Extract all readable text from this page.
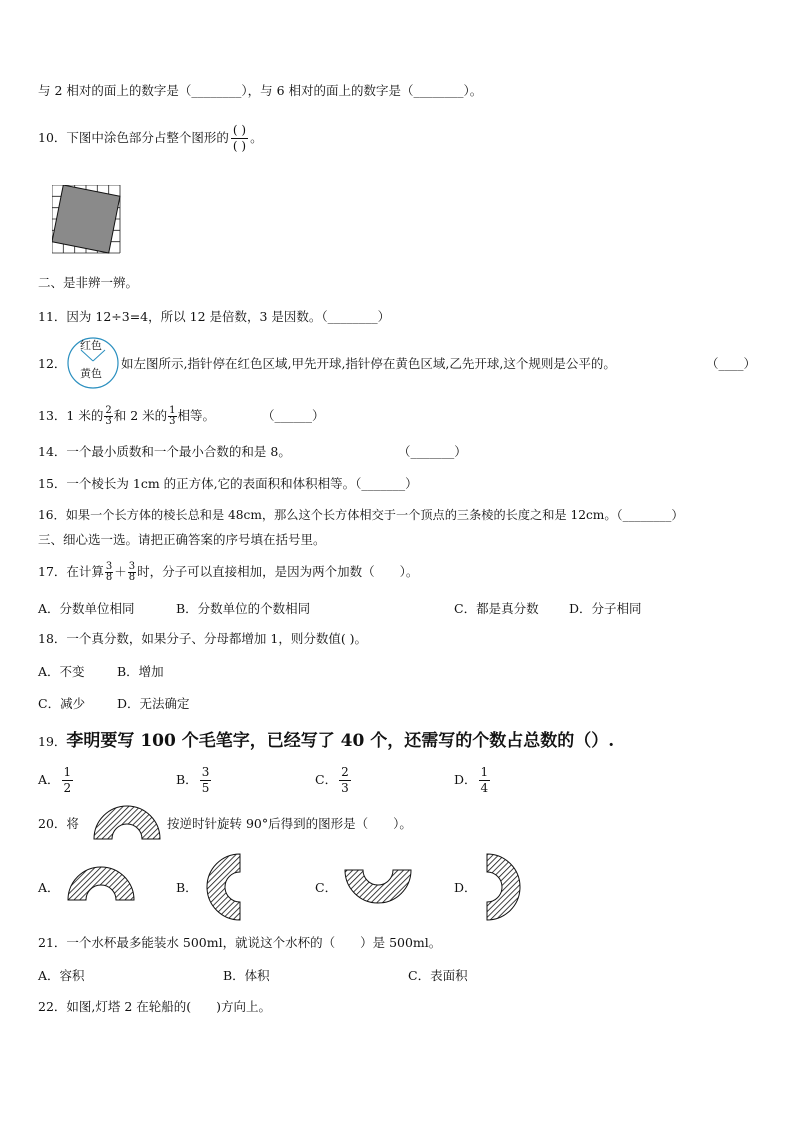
与 2 相对的面上的数字是（________），与 6 相对的面上的数字是（________）。
10．下图中涂色部分占整个图形的 ( )
( )
。
二、是非辨一辨。
11．因为 12÷3=4，所以 12 是倍数，3 是因数。（________）
12．
红色
黄色
如左图所示,指针停在红色区域,甲先开球,指针停在黄色区域,乙先开球,这个规则是公平的。	（____）
13．1 米的 $\frac{2}{3}$ 和 2 米的 $\frac{1}{3}$ 相等。	（______）
14．一个最小质数和一个最小合数的和是 8。	（_______）
15．一个棱长为 1cm 的正方体,它的表面积和体积相等。（_______）
16．如果一个长方体的棱长总和是 48cm，那么这个长方体相交于一个顶点的三条棱的长度之和是 12cm。（________）
三、细心选一选。请把正确答案的序号填在括号里。
17．在计算 $\frac{3}{8} + \frac{3}{8}$ 时，分子可以直接相加，是因为两个加数（　　）。
A．分数单位相同	B．分数单位的个数相同	C．都是真分数 D．分子相同
18．一个真分数，如果分子、分母都增加 1，则分数值( )。
A．不变	B．增加
C．减少	D．无法确定
19．李明要写 100 个毛笔字，已经写了 40 个，还需写的个数占总数的（）.
A． $\frac{1}{2}$	B． $\frac{3}{5}$	C． $\frac{2}{3}$	D． $\frac{1}{4}$
20．将	按逆时针旋转 90°后得到的图形是（　　）。
A．	B．	C．	D．
21．一个水杯最多能装水 500ml，就说这个水杯的（　　）是 500ml。
A．容积	B．体积	C．表面积
22．如图,灯塔 2 在轮船的(　　)方向上。
